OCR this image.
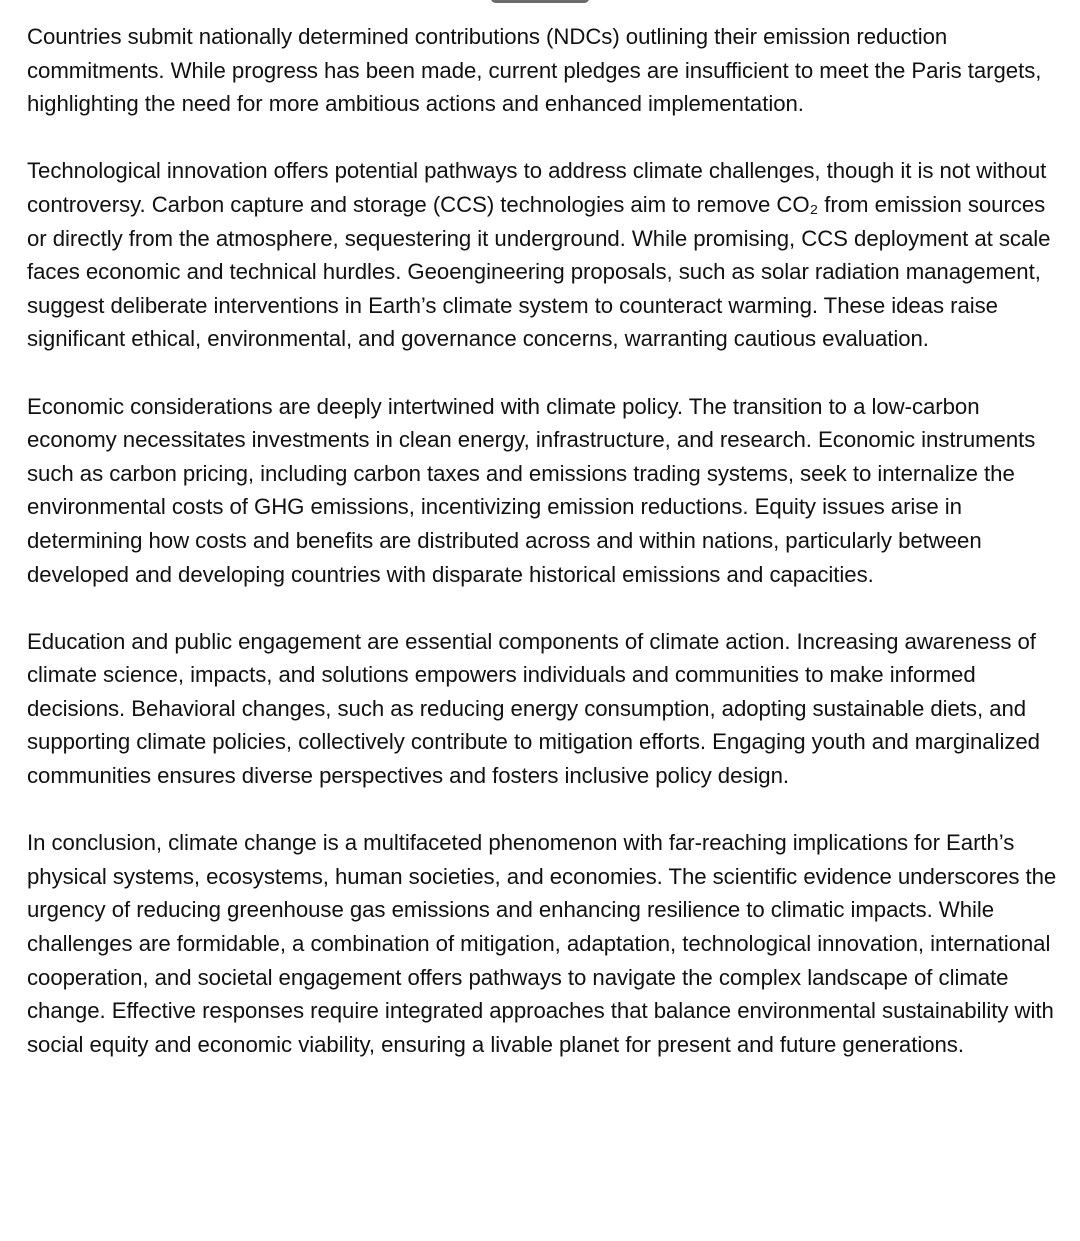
Countries submit nationally determined contributions (NDCs) outlining their emission reduction commitments. While progress has been made, current pledges are insufficient to meet the Paris targets, highlighting the need for more ambitious actions and enhanced implementation.

Technological innovation offers potential pathways to address climate challenges, though it is not without controversy. Carbon capture and storage (CCS) technologies aim to remove CO₂ from emission sources or directly from the atmosphere, sequestering it underground. While promising, CCS deployment at scale faces economic and technical hurdles. Geoengineering proposals, such as solar radiation management, suggest deliberate interventions in Earth’s climate system to counteract warming. These ideas raise significant ethical, environmental, and governance concerns, warranting cautious evaluation.

Economic considerations are deeply intertwined with climate policy. The transition to a low-carbon economy necessitates investments in clean energy, infrastructure, and research. Economic instruments such as carbon pricing, including carbon taxes and emissions trading systems, seek to internalize the environmental costs of GHG emissions, incentivizing emission reductions. Equity issues arise in determining how costs and benefits are distributed across and within nations, particularly between developed and developing countries with disparate historical emissions and capacities.

Education and public engagement are essential components of climate action. Increasing awareness of climate science, impacts, and solutions empowers individuals and communities to make informed decisions. Behavioral changes, such as reducing energy consumption, adopting sustainable diets, and supporting climate policies, collectively contribute to mitigation efforts. Engaging youth and marginalized communities ensures diverse perspectives and fosters inclusive policy design.

In conclusion, climate change is a multifaceted phenomenon with far-reaching implications for Earth’s physical systems, ecosystems, human societies, and economies. The scientific evidence underscores the urgency of reducing greenhouse gas emissions and enhancing resilience to climatic impacts. While challenges are formidable, a combination of mitigation, adaptation, technological innovation, international cooperation, and societal engagement offers pathways to navigate the complex landscape of climate change. Effective responses require integrated approaches that balance environmental sustainability with social equity and economic viability, ensuring a livable planet for present and future generations.
